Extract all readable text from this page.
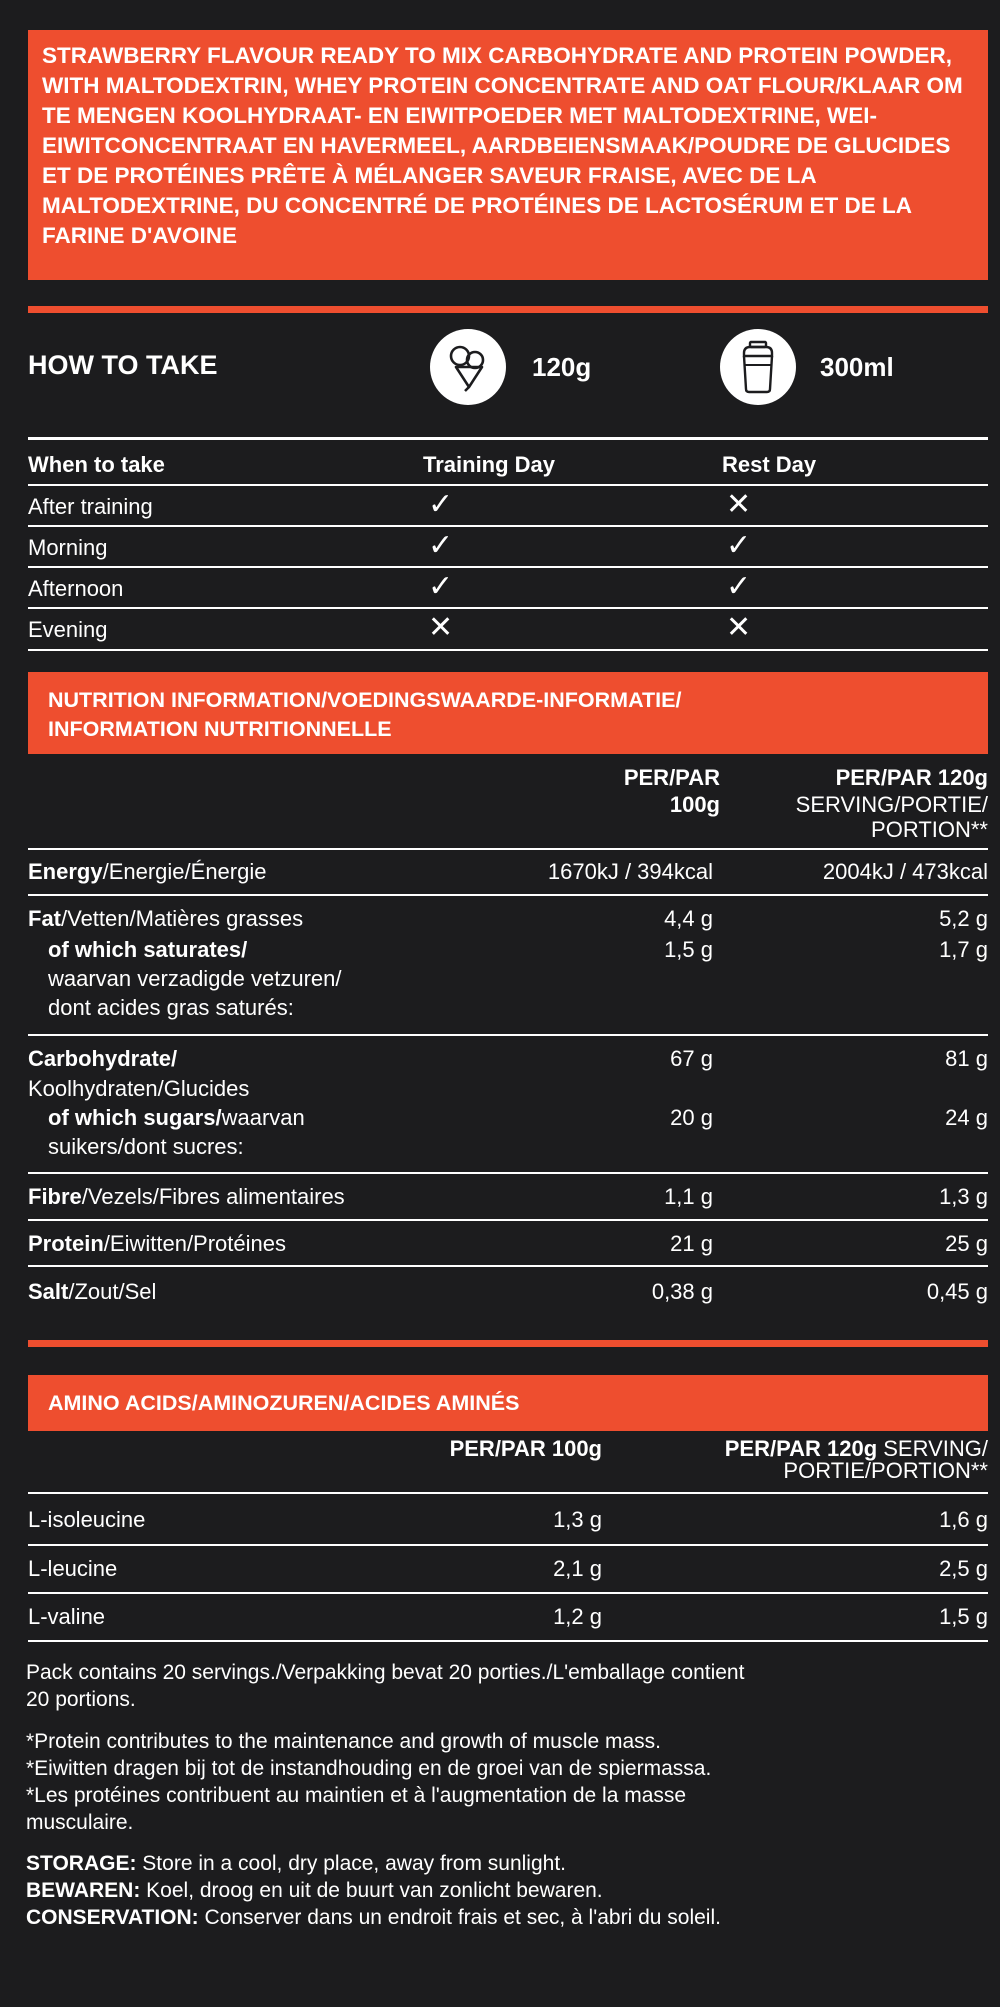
STRAWBERRY FLAVOUR READY TO MIX CARBOHYDRATE AND PROTEIN POWDER, WITH MALTODEXTRIN, WHEY PROTEIN CONCENTRATE AND OAT FLOUR/KLAAR OM TE MENGEN KOOLHYDRAAT- EN EIWITPOEDER MET MALTODEXTRINE, WEI-EIWITCONCENTRAAT EN HAVERMEEL, AARDBEIENSMAAK/POUDRE DE GLUCIDES ET DE PROTÉINES PRÊTE À MÉLANGER SAVEUR FRAISE, AVEC DE LA MALTODEXTRINE, DU CONCENTRÉ DE PROTÉINES DE LACTOSÉRUM ET DE LA FARINE D'AVOINE
HOW TO TAKE	120g	300ml
When to take	Training Day	Rest Day
After training	✓	✕
Morning	✓	✓
Afternoon	✓	✓
Evening	✕	✕
NUTRITION INFORMATION/VOEDINGSWAARDE-INFORMATIE/
INFORMATION NUTRITIONNELLE
PER/PAR
100g
PER/PAR 120g
SERVING/PORTIE/
PORTION**
Energy/Energie/Énergie	1670kJ / 394kcal	2004kJ / 473kcal
Fat/Vetten/Matières grasses	4,4 g	5,2 g
of which saturates/
waarvan verzadigde vetzuren/
dont acides gras saturés:
1,5 g	1,7 g
Carbohydrate/
Koolhydraten/Glucides
67 g	81 g
of which sugars/waarvan
suikers/dont sucres:
20 g	24 g
Fibre/Vezels/Fibres alimentaires	1,1 g	1,3 g
Protein/Eiwitten/Protéines	21 g	25 g
Salt/Zout/Sel	0,38 g	0,45 g
AMINO ACIDS/AMINOZUREN/ACIDES AMINÉS
PER/PAR 100g	PER/PAR 120g SERVING/
PORTIE/PORTION**
L-isoleucine	1,3 g	1,6 g
L-leucine	2,1 g	2,5 g
L-valine	1,2 g	1,5 g
Pack contains 20 servings./Verpakking bevat 20 porties./L'emballage contient
20 portions.
*Protein contributes to the maintenance and growth of muscle mass.
*Eiwitten dragen bij tot de instandhouding en de groei van de spiermassa.
*Les protéines contribuent au maintien et à l'augmentation de la masse
musculaire.
STORAGE: Store in a cool, dry place, away from sunlight.
BEWAREN: Koel, droog en uit de buurt van zonlicht bewaren.
CONSERVATION: Conserver dans un endroit frais et sec, à l'abri du soleil.
